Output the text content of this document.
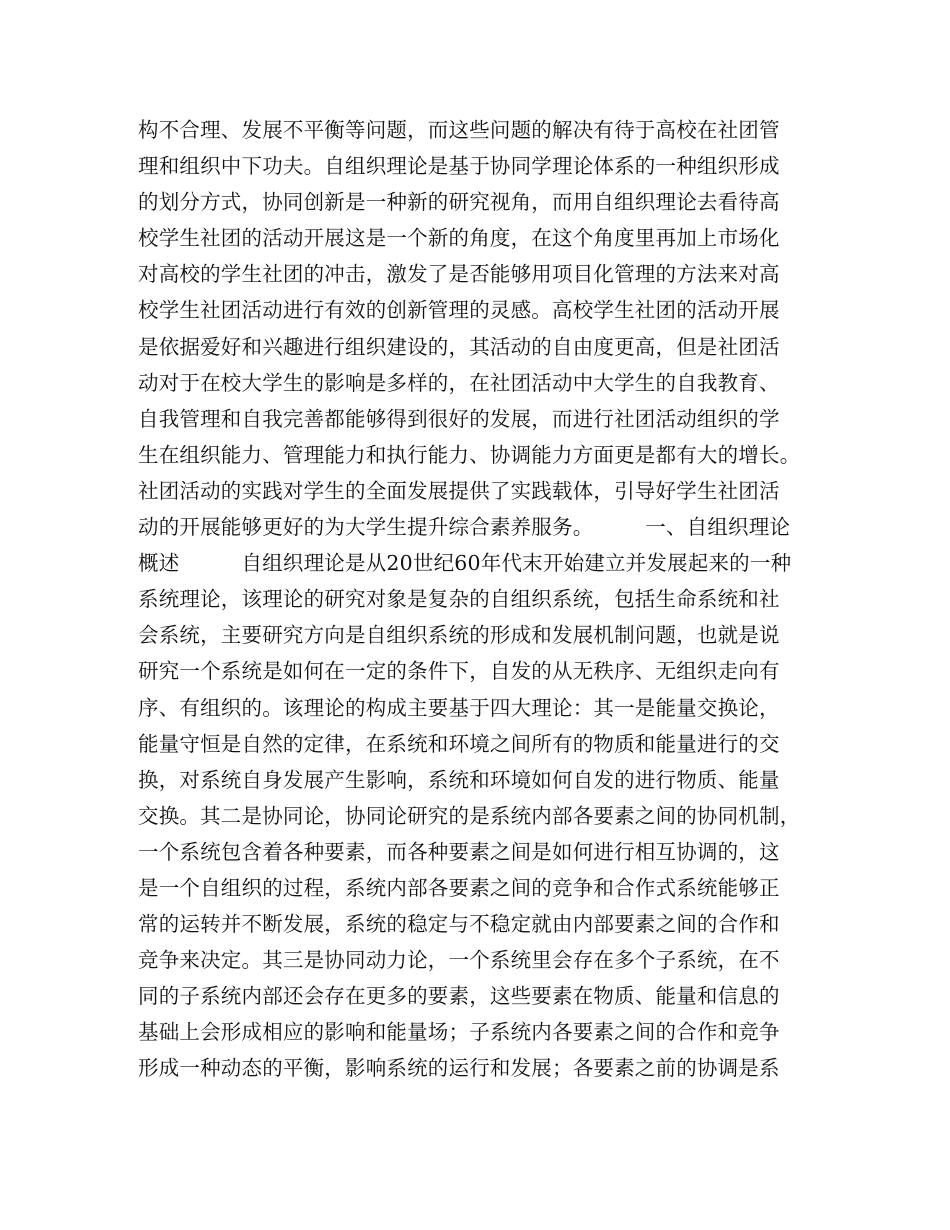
构不合理、发展不平衡等问题，而这些问题的解决有待于高校在社团管
理和组织中下功夫。自组织理论是基于协同学理论体系的一种组织形成
的划分方式，协同创新是一种新的研究视角，而用自组织理论去看待高
校学生社团的活动开展这是一个新的角度，在这个角度里再加上市场化
对高校的学生社团的冲击，激发了是否能够用项目化管理的方法来对高
校学生社团活动进行有效的创新管理的灵感。高校学生社团的活动开展
是依据爱好和兴趣进行组织建设的，其活动的自由度更高，但是社团活
动对于在校大学生的影响是多样的，在社团活动中大学生的自我教育、
自我管理和自我完善都能够得到很好的发展，而进行社团活动组织的学
生在组织能力、管理能力和执行能力、协调能力方面更是都有大的增长。
社团活动的实践对学生的全面发展提供了实践载体，引导好学生社团活
动的开展能够更好的为大学生提升综合素养服务。　　　一、自组织理论
概述　　　自组织理论是从20世纪60年代末开始建立并发展起来的一种
系统理论，该理论的研究对象是复杂的自组织系统，包括生命系统和社
会系统，主要研究方向是自组织系统的形成和发展机制问题，也就是说
研究一个系统是如何在一定的条件下，自发的从无秩序、无组织走向有
序、有组织的。该理论的构成主要基于四大理论：其一是能量交换论，
能量守恒是自然的定律，在系统和环境之间所有的物质和能量进行的交
换，对系统自身发展产生影响，系统和环境如何自发的进行物质、能量
交换。其二是协同论，协同论研究的是系统内部各要素之间的协同机制，
一个系统包含着各种要素，而各种要素之间是如何进行相互协调的，这
是一个自组织的过程，系统内部各要素之间的竞争和合作式系统能够正
常的运转并不断发展，系统的稳定与不稳定就由内部要素之间的合作和
竞争来决定。其三是协同动力论，一个系统里会存在多个子系统，在不
同的子系统内部还会存在更多的要素，这些要素在物质、能量和信息的
基础上会形成相应的影响和能量场；子系统内各要素之间的合作和竞争
形成一种动态的平衡，影响系统的运行和发展；各要素之前的协调是系
